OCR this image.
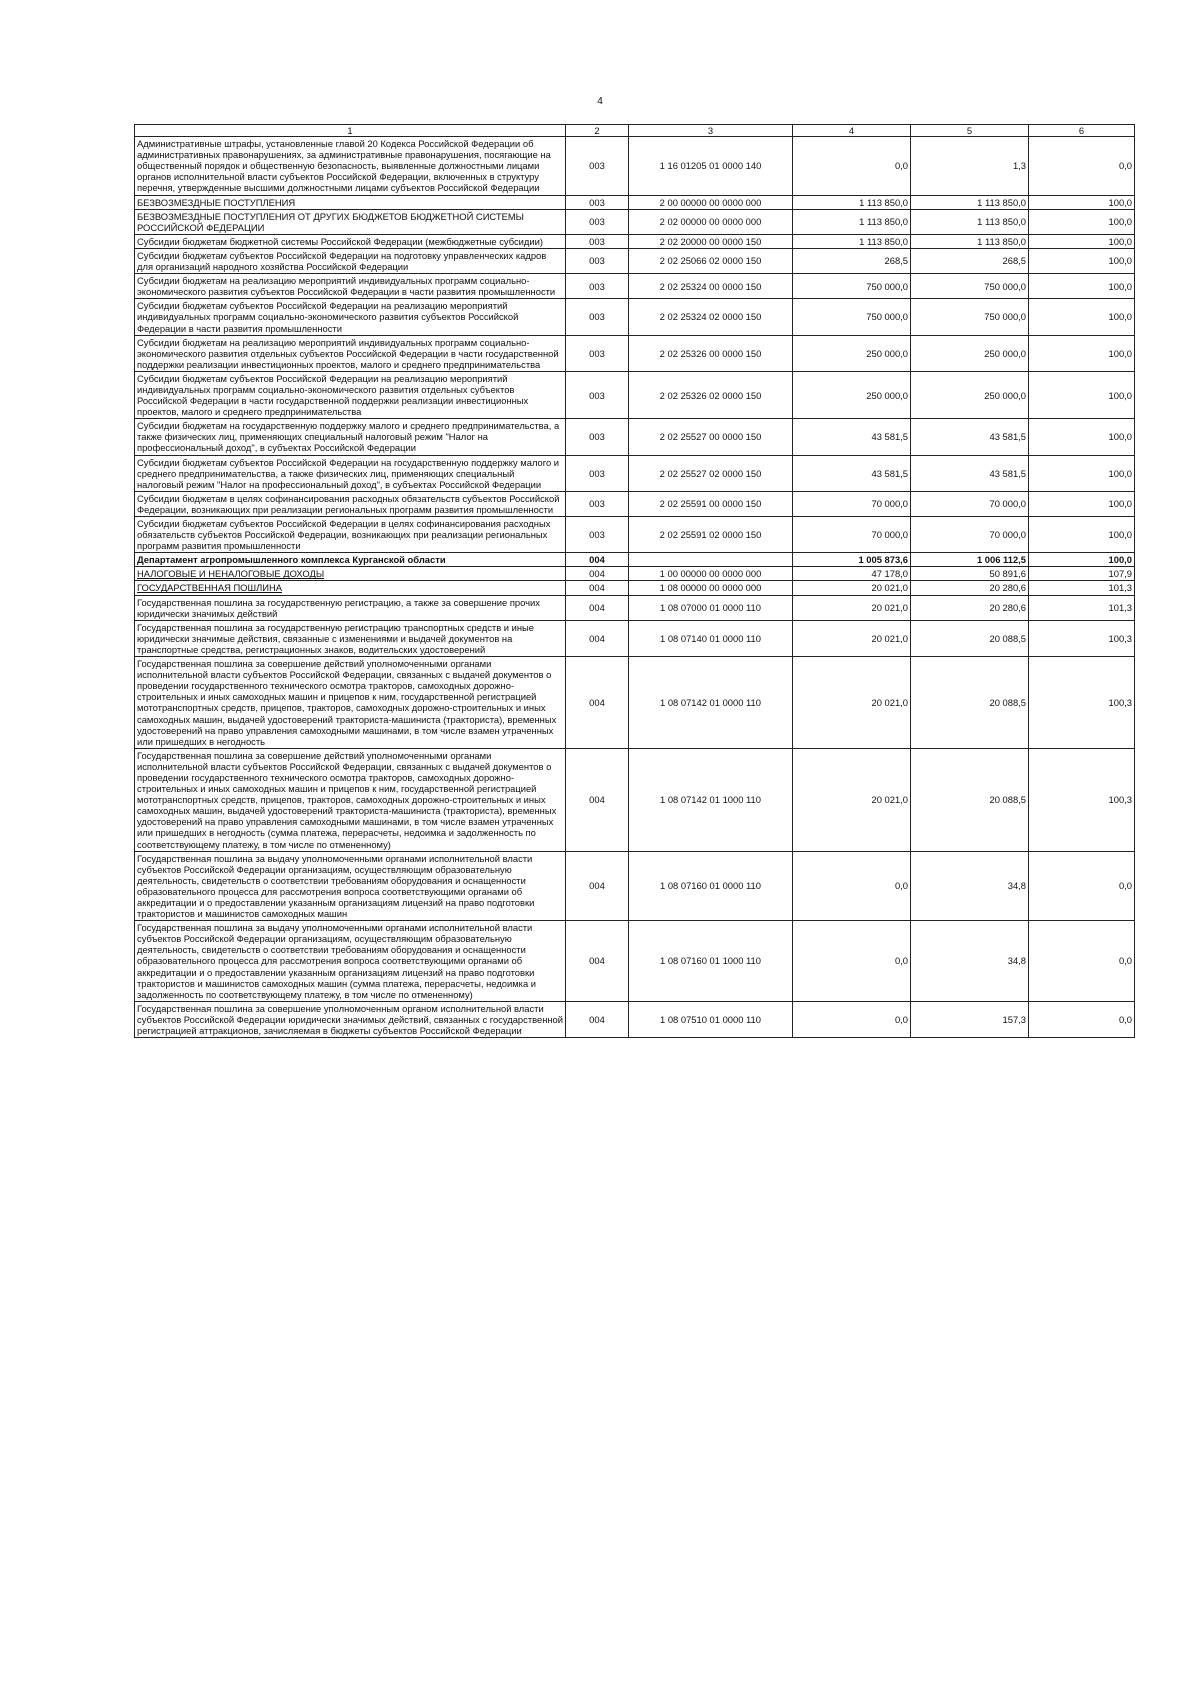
4
1	2	3	4	5	6
Административные штрафы, установленные главой 20 Кодекса Российской Федерации об административных правонарушениях, за административные правонарушения, посягающие на общественный порядок и общественную безопасность, выявленные должностными лицами органов исполнительной власти субъектов Российской Федерации, включенных в структуру перечня, утвержденные высшими должностными лицами субъектов Российской Федерации	003	1 16 01205 01 0000 140	0,0	1,3	0,0
БЕЗВОЗМЕЗДНЫЕ ПОСТУПЛЕНИЯ	003	2 00 00000 00 0000 000	1 113 850,0	1 113 850,0	100,0
БЕЗВОЗМЕЗДНЫЕ ПОСТУПЛЕНИЯ ОТ ДРУГИХ БЮДЖЕТОВ БЮДЖЕТНОЙ СИСТЕМЫ РОССИЙСКОЙ ФЕДЕРАЦИИ	003	2 02 00000 00 0000 000	1 113 850,0	1 113 850,0	100,0
Субсидии бюджетам бюджетной системы Российской Федерации (межбюджетные субсидии)	003	2 02 20000 00 0000 150	1 113 850,0	1 113 850,0	100,0
Субсидии бюджетам субъектов Российской Федерации на подготовку управленческих кадров для организаций народного хозяйства Российской Федерации	003	2 02 25066 02 0000 150	268,5	268,5	100,0
Субсидии бюджетам на реализацию мероприятий индивидуальных программ социально-экономического развития субъектов Российской Федерации в части развития промышленности	003	2 02 25324 00 0000 150	750 000,0	750 000,0	100,0
Субсидии бюджетам субъектов Российской Федерации на реализацию мероприятий индивидуальных программ социально-экономического развития субъектов Российской Федерации в части развития промышленности	003	2 02 25324 02 0000 150	750 000,0	750 000,0	100,0
Субсидии бюджетам на реализацию мероприятий индивидуальных программ социально-экономического развития отдельных субъектов Российской Федерации в части государственной поддержки реализации инвестиционных проектов, малого и среднего предпринимательства	003	2 02 25326 00 0000 150	250 000,0	250 000,0	100,0
Субсидии бюджетам субъектов Российской Федерации на реализацию мероприятий индивидуальных программ социально-экономического развития отдельных субъектов Российской Федерации в части государственной поддержки реализации инвестиционных проектов, малого и среднего предпринимательства	003	2 02 25326 02 0000 150	250 000,0	250 000,0	100,0
Субсидии бюджетам на государственную поддержку малого и среднего предпринимательства, а также физических лиц, применяющих специальный налоговый режим "Налог на профессиональный доход", в субъектах Российской Федерации	003	2 02 25527 00 0000 150	43 581,5	43 581,5	100,0
Субсидии бюджетам субъектов Российской Федерации на государственную поддержку малого и среднего предпринимательства, а также физических лиц, применяющих специальный налоговый режим "Налог на профессиональный доход", в субъектах Российской Федерации	003	2 02 25527 02 0000 150	43 581,5	43 581,5	100,0
Субсидии бюджетам в целях софинансирования расходных обязательств субъектов Российской Федерации, возникающих при реализации региональных программ развития промышленности	003	2 02 25591 00 0000 150	70 000,0	70 000,0	100,0
Субсидии бюджетам субъектов Российской Федерации в целях софинансирования расходных обязательств субъектов Российской Федерации, возникающих при реализации региональных программ развития промышленности	003	2 02 25591 02 0000 150	70 000,0	70 000,0	100,0
Департамент агропромышленного комплекса Курганской области	004		1 005 873,6	1 006 112,5	100,0
НАЛОГОВЫЕ И НЕНАЛОГОВЫЕ ДОХОДЫ	004	1 00 00000 00 0000 000	47 178,0	50 891,6	107,9
ГОСУДАРСТВЕННАЯ ПОШЛИНА	004	1 08 00000 00 0000 000	20 021,0	20 280,6	101,3
Государственная пошлина за государственную регистрацию, а также за совершение прочих юридически значимых действий	004	1 08 07000 01 0000 110	20 021,0	20 280,6	101,3
Государственная пошлина за государственную регистрацию транспортных средств и иные юридически значимые действия, связанные с изменениями и выдачей документов на транспортные средства, регистрационных знаков, водительских удостоверений	004	1 08 07140 01 0000 110	20 021,0	20 088,5	100,3
Государственная пошлина за совершение действий уполномоченными органами исполнительной власти субъектов Российской Федерации, связанных с выдачей документов о проведении государственного технического осмотра тракторов, самоходных дорожно-строительных и иных самоходных машин и прицепов к ним, государственной регистрацией мототранспортных средств, прицепов, тракторов, самоходных дорожно-строительных и иных самоходных машин, выдачей удостоверений тракториста-машиниста (тракториста), временных удостоверений на право управления самоходными машинами, в том числе взамен утраченных или пришедших в негодность	004	1 08 07142 01 0000 110	20 021,0	20 088,5	100,3
Государственная пошлина за совершение действий уполномоченными органами исполнительной власти субъектов Российской Федерации, связанных с выдачей документов о проведении государственного технического осмотра тракторов, самоходных дорожно-строительных и иных самоходных машин и прицепов к ним, государственной регистрацией мототранспортных средств, прицепов, тракторов, самоходных дорожно-строительных и иных самоходных машин, выдачей удостоверений тракториста-машиниста (тракториста), временных удостоверений на право управления самоходными машинами, в том числе взамен утраченных или пришедших в негодность (сумма платежа, перерасчеты, недоимка и задолженность по соответствующему платежу, в том числе по отмененному)	004	1 08 07142 01 1000 110	20 021,0	20 088,5	100,3
Государственная пошлина за выдачу уполномоченными органами исполнительной власти субъектов Российской Федерации организациям, осуществляющим образовательную деятельность, свидетельств о соответствии требованиям оборудования и оснащенности образовательного процесса для рассмотрения вопроса соответствующими органами об аккредитации и о предоставлении указанным организациям лицензий на право подготовки трактористов и машинистов самоходных машин	004	1 08 07160 01 0000 110	0,0	34,8	0,0
Государственная пошлина за выдачу уполномоченными органами исполнительной власти субъектов Российской Федерации организациям, осуществляющим образовательную деятельность, свидетельств о соответствии требованиям оборудования и оснащенности образовательного процесса для рассмотрения вопроса соответствующими органами об аккредитации и о предоставлении указанным организациям лицензий на право подготовки трактористов и машинистов самоходных машин (сумма платежа, перерасчеты, недоимка и задолженность по соответствующему платежу, в том числе по отмененному)	004	1 08 07160 01 1000 110	0,0	34,8	0,0
Государственная пошлина за совершение уполномоченным органом исполнительной власти субъектов Российской Федерации юридически значимых действий, связанных с государственной регистрацией аттракционов, зачисляемая в бюджеты субъектов Российской Федерации	004	1 08 07510 01 0000 110	0,0	157,3	0,0
